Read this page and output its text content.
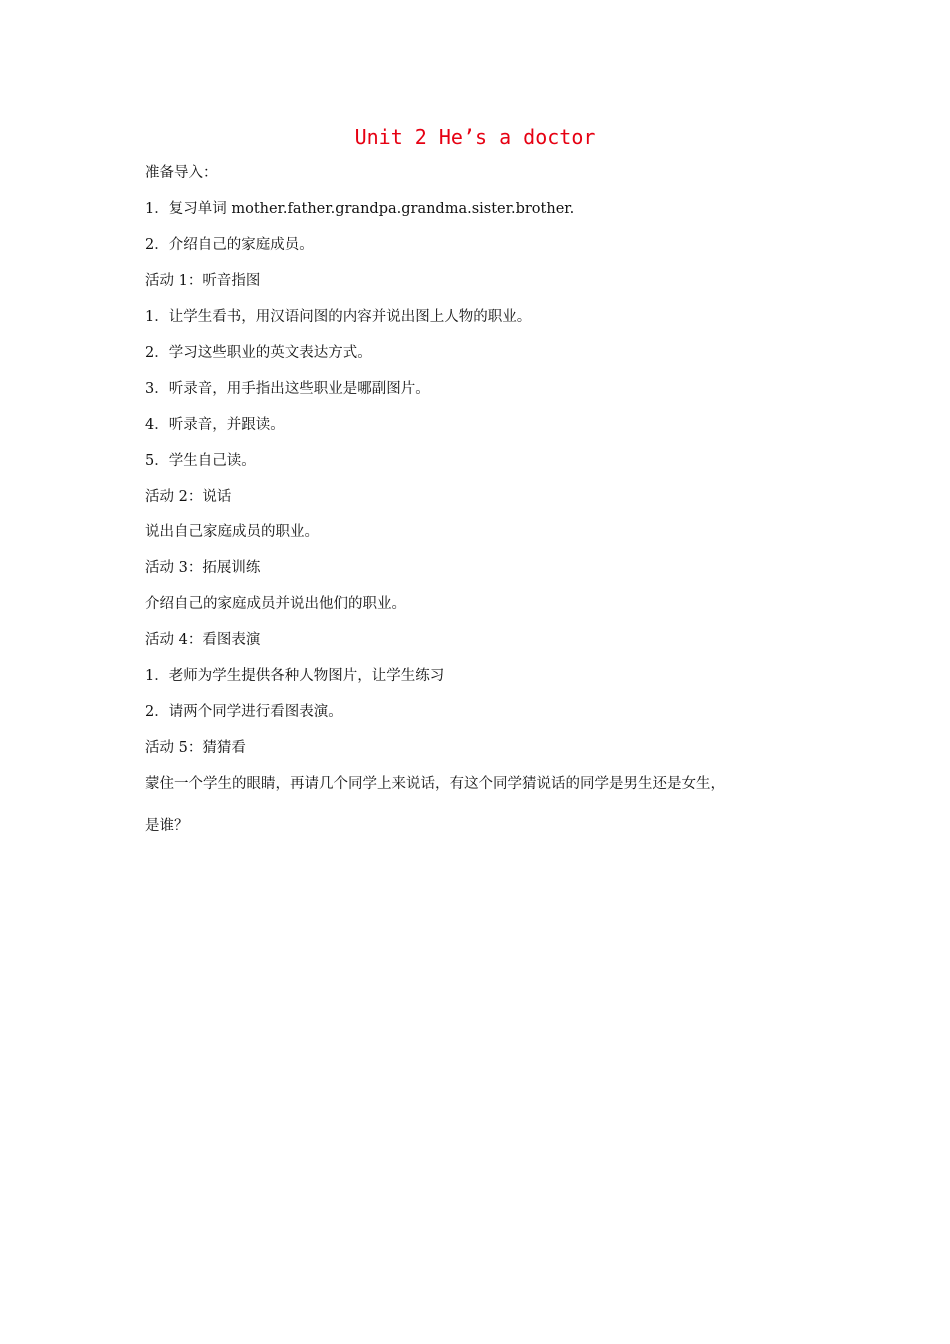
Unit 2 He’s a doctor
准备导入：
1．复习单词 mother.father.grandpa.grandma.sister.brother.
2．介绍自己的家庭成员。
活动 1：听音指图
1．让学生看书，用汉语问图的内容并说出图上人物的职业。
2．学习这些职业的英文表达方式。
3．听录音，用手指出这些职业是哪副图片。
4．听录音，并跟读。
5．学生自己读。
活动 2：说话
说出自己家庭成员的职业。
活动 3：拓展训练
介绍自己的家庭成员并说出他们的职业。
活动 4：看图表演
1．老师为学生提供各种人物图片，让学生练习
2．请两个同学进行看图表演。
活动 5：猜猜看
蒙住一个学生的眼睛，再请几个同学上来说话，有这个同学猜说话的同学是男生还是女生，
是谁？
